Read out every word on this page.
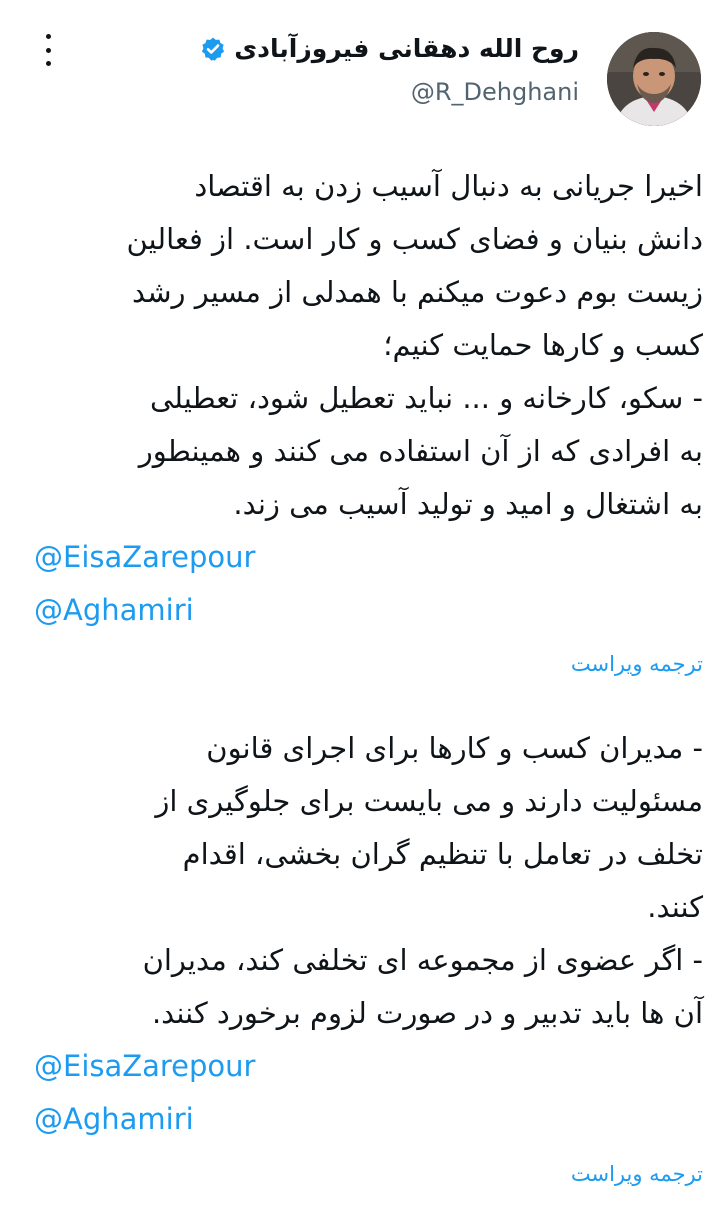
روح الله دهقانی فیروزآبادی
@R_Dehghani
اخیرا جریانی به دنبال آسیب زدن به اقتصاد
دانش بنیان و فضای کسب و کار است. از فعالین
زیست بوم دعوت میکنم با همدلی از مسیر رشد
کسب و کارها حمایت کنیم؛
- سکو، کارخانه و ... نباید تعطیل شود، تعطیلی
به افرادی که از آن استفاده می کنند و همینطور
به اشتغال و امید و تولید آسیب می زند.
@EisaZarepour
@Aghamiri
ترجمه ویراست
- مدیران کسب و کارها برای اجرای قانون
مسئولیت دارند و می بایست برای جلوگیری از
تخلف در تعامل با تنظیم گران بخشی، اقدام
کنند.
- اگر عضوی از مجموعه ای تخلفی کند، مدیران
آن ها باید تدبیر و در صورت لزوم برخورد کنند.
@EisaZarepour
@Aghamiri
ترجمه ویراست
